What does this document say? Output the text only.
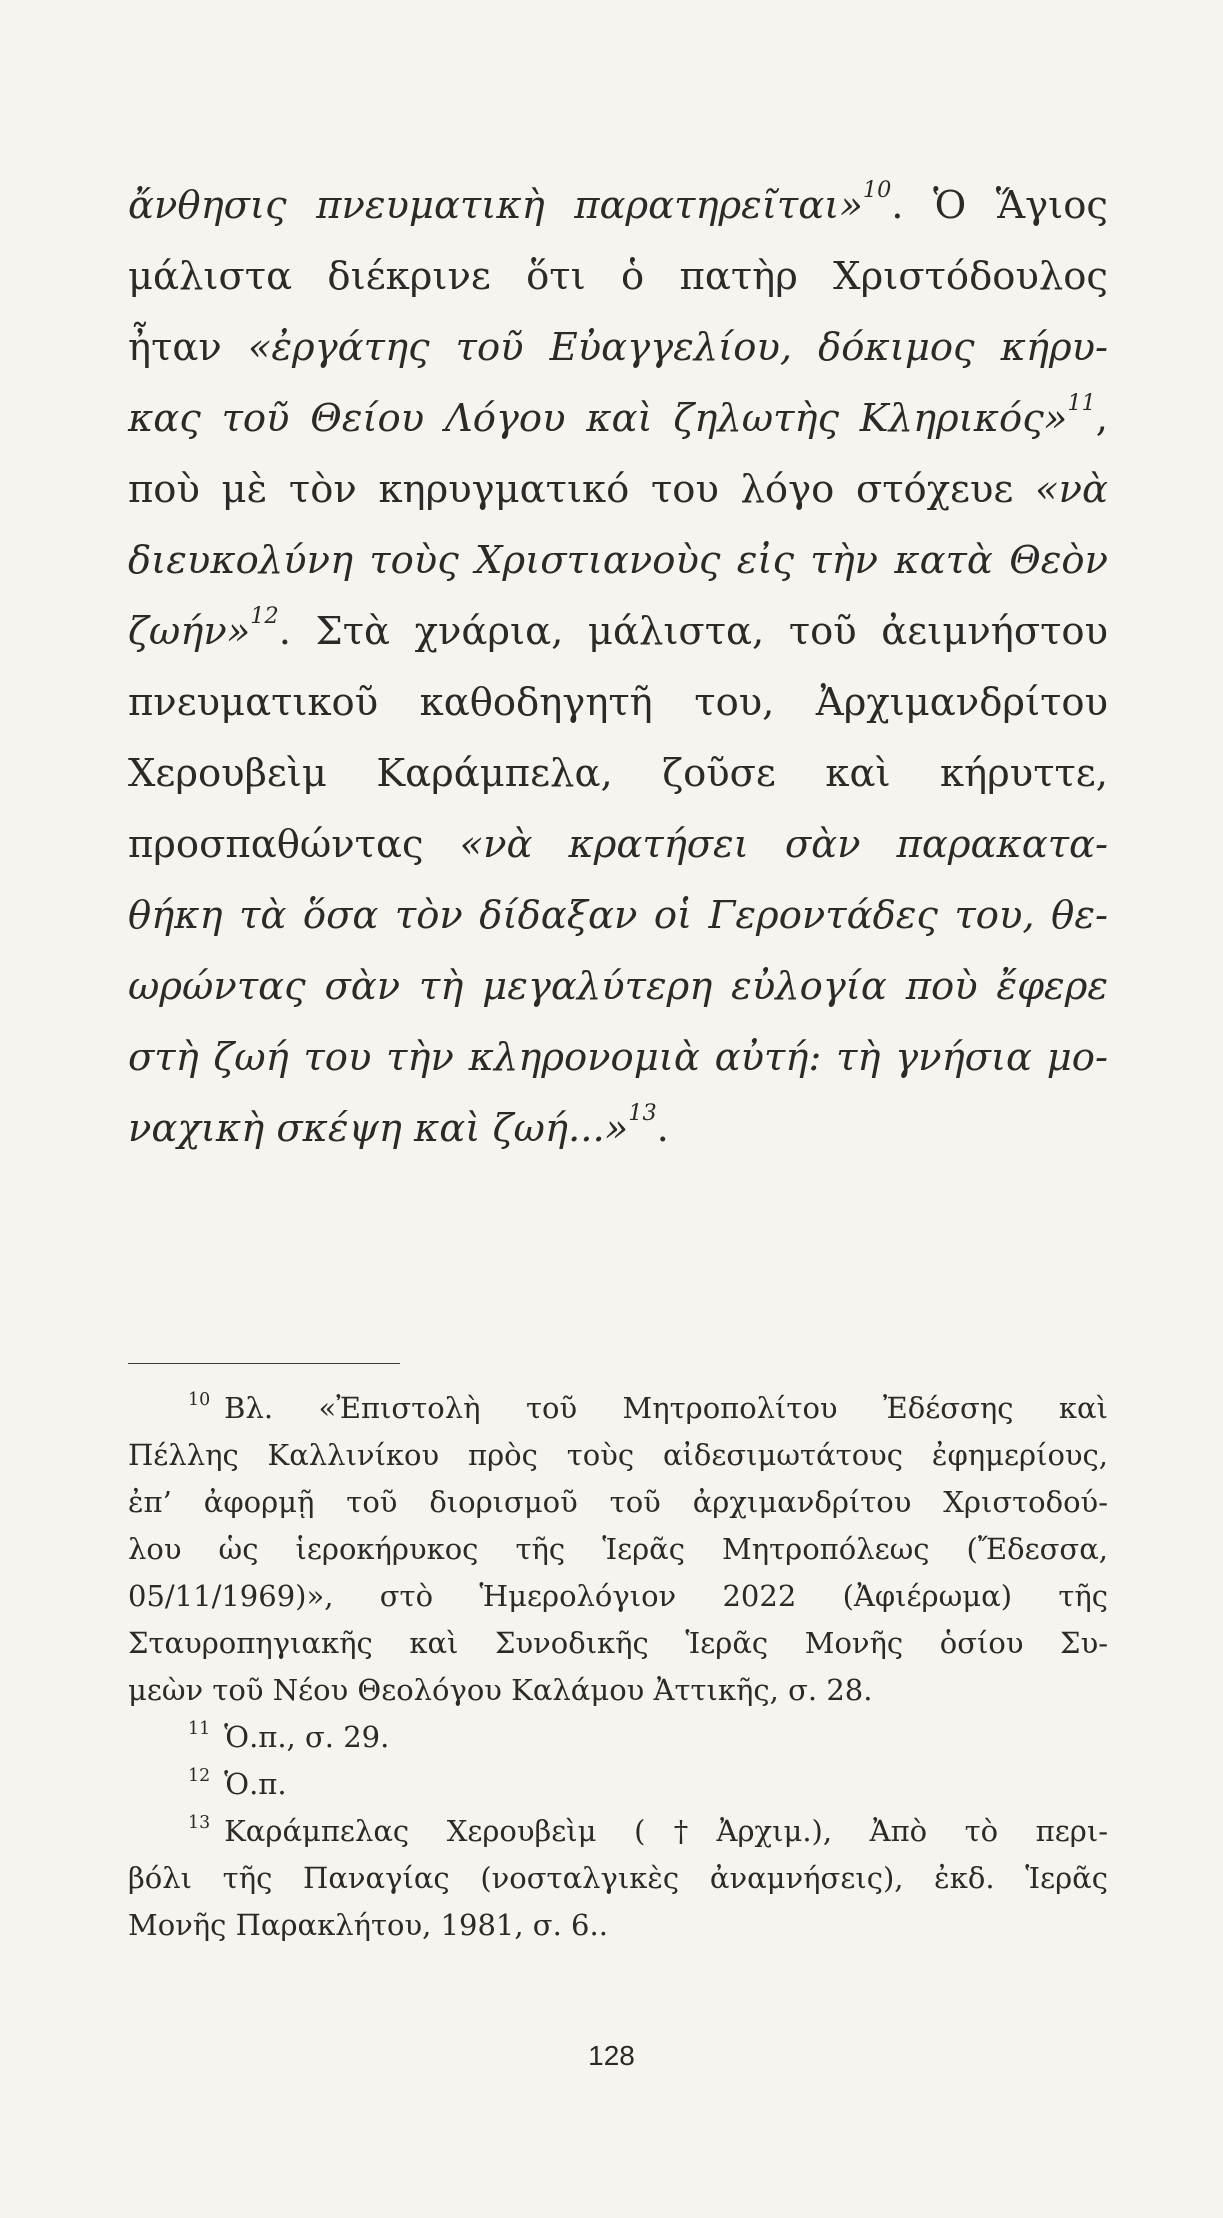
ἄνθησις πνευματικὴ παρατηρεῖται»$^{10}$. Ὁ Ἅγιος
μάλιστα διέκρινε ὅτι ὁ πατὴρ Χριστόδουλος
ἦταν «ἐργάτης τοῦ Εὐαγγελίου, δόκιμος κήρυ-
κας τοῦ Θείου Λόγου καὶ ζηλωτὴς Κληρικός»$^{11}$,
ποὺ μὲ τὸν κηρυγματικό του λόγο στόχευε «νὰ
διευκολύνη τοὺς Χριστιανοὺς εἰς τὴν κατὰ Θεὸν
ζωήν»$^{12}$. Στὰ χνάρια, μάλιστα, τοῦ ἀειμνήστου
πνευματικοῦ καθοδηγητῆ του, Ἀρχιμανδρίτου
Χερουβεὶμ Καράμπελα, ζοῦσε καὶ κήρυττε,
προσπαθώντας «νὰ κρατήσει σὰν παρακατα-
θήκη τὰ ὅσα τὸν δίδαξαν οἱ Γεροντάδες του, θε-
ωρώντας σὰν τὴ μεγαλύτερη εὐλογία ποὺ ἔφερε
στὴ ζωή του τὴν κληρονομιὰ αὐτή: τὴ γνήσια μο-
ναχικὴ σκέψη καὶ ζωή...»$^{13}$.
$^{10}$ Βλ. «Ἐπιστολὴ τοῦ Μητροπολίτου Ἐδέσσης καὶ
Πέλλης Καλλινίκου πρὸς τοὺς αἰδεσιμωτάτους ἐφημερίους,
ἐπ’ ἀφορμῇ τοῦ διορισμοῦ τοῦ ἀρχιμανδρίτου Χριστοδού-
λου ὡς ἱεροκήρυκος τῆς Ἱερᾶς Μητροπόλεως (Ἔδεσσα,
05/11/1969)», στὸ Ἡμερολόγιον 2022 (Ἀφιέρωμα) τῆς
Σταυροπηγιακῆς καὶ Συνοδικῆς Ἱερᾶς Μονῆς ὁσίου Συ-
μεὼν τοῦ Νέου Θεολόγου Καλάμου Ἀττικῆς, σ. 28.
$^{11}$ Ὁ.π., σ. 29.
$^{12}$ Ὁ.π.
$^{13}$ Καράμπελας Χερουβεὶμ (†Ἀρχιμ.), Ἀπὸ τὸ περι-
βόλι τῆς Παναγίας (νοσταλγικὲς ἀναμνήσεις), ἐκδ. Ἱερᾶς
Μονῆς Παρακλήτου, 1981, σ. 6..
128
